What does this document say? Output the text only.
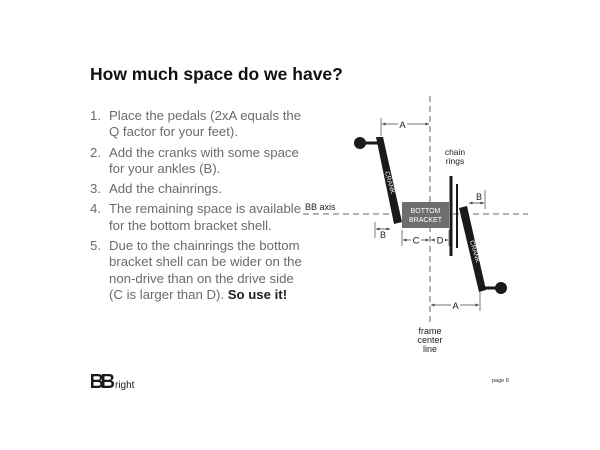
How much space do we have?
1. Place the pedals (2xA equals the Q factor for your feet).
2. Add the cranks with some space for your ankles (B).
3. Add the chainrings.
4. The remaining space is available for the bottom bracket shell.
5. Due to the chainrings the bottom bracket shell can be wider on the non-drive than on the drive side (C is larger than D). So use it!
BOTTOM
BRACKET
chain
rings
CRANK
CRANK
A
A
B
B
C D
BB axis
frame
center
line
right	page 8
